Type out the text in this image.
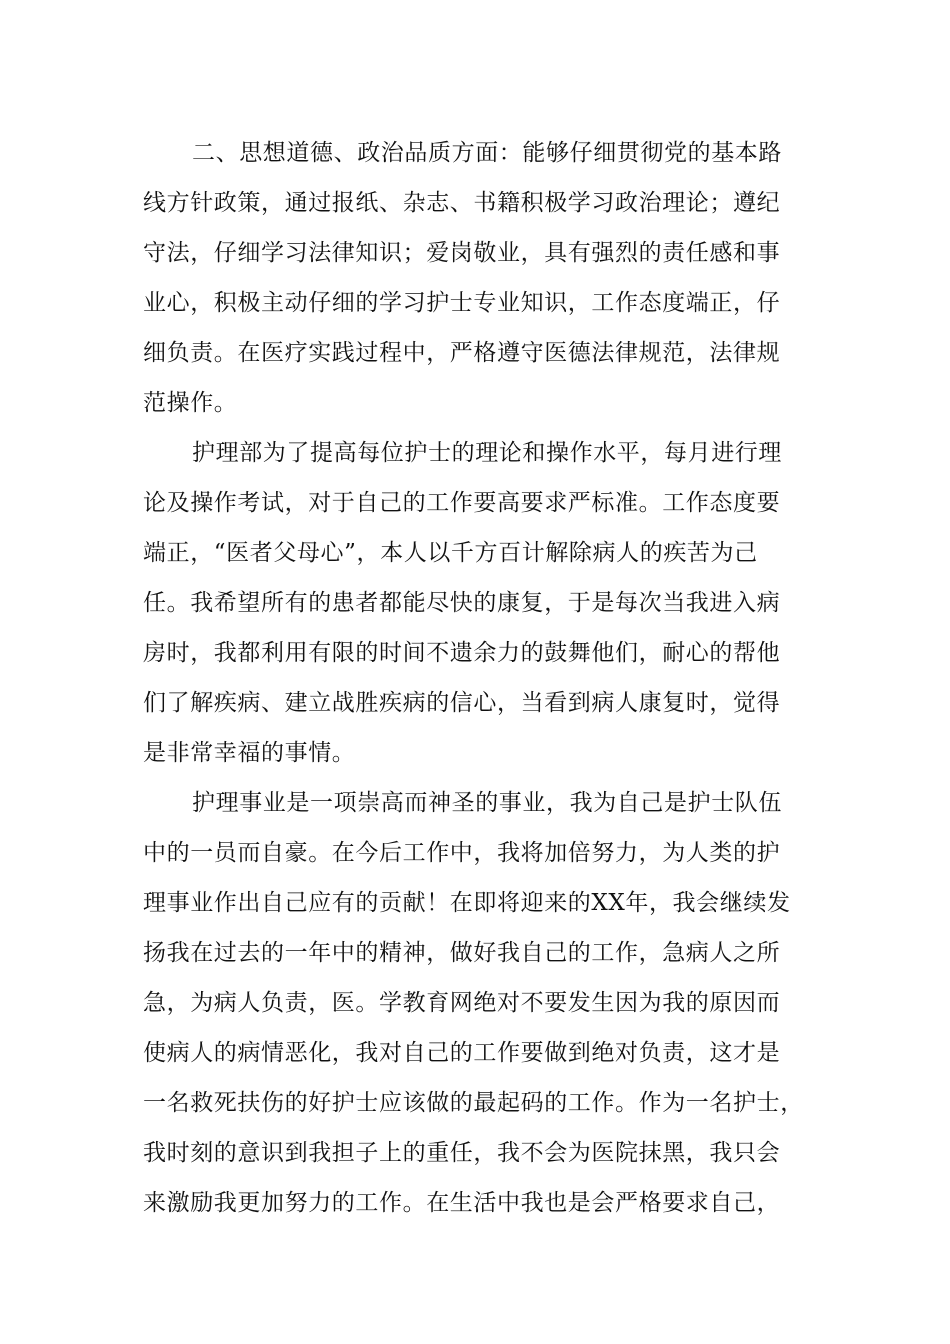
二、思想道德、政治品质方面：能够仔细贯彻党的基本路
线方针政策，通过报纸、杂志、书籍积极学习政治理论；遵纪
守法，仔细学习法律知识；爱岗敬业，具有强烈的责任感和事
业心，积极主动仔细的学习护士专业知识，工作态度端正，仔
细负责。在医疗实践过程中，严格遵守医德法律规范，法律规
范操作。
护理部为了提高每位护士的理论和操作水平，每月进行理
论及操作考试，对于自己的工作要高要求严标准。工作态度要
端正，“医者父母心”，本人以千方百计解除病人的疾苦为己
任。我希望所有的患者都能尽快的康复，于是每次当我进入病
房时，我都利用有限的时间不遗余力的鼓舞他们，耐心的帮他
们了解疾病、建立战胜疾病的信心，当看到病人康复时，觉得
是非常幸福的事情。
护理事业是一项崇高而神圣的事业，我为自己是护士队伍
中的一员而自豪。在今后工作中，我将加倍努力，为人类的护
理事业作出自己应有的贡献！在即将迎来的XX年，我会继续发
扬我在过去的一年中的精神，做好我自己的工作，急病人之所
急，为病人负责，医。学教育网绝对不要发生因为我的原因而
使病人的病情恶化，我对自己的工作要做到绝对负责，这才是
一名救死扶伤的好护士应该做的最起码的工作。作为一名护士，
我时刻的意识到我担子上的重任，我不会为医院抹黑，我只会
来激励我更加努力的工作。在生活中我也是会严格要求自己，
